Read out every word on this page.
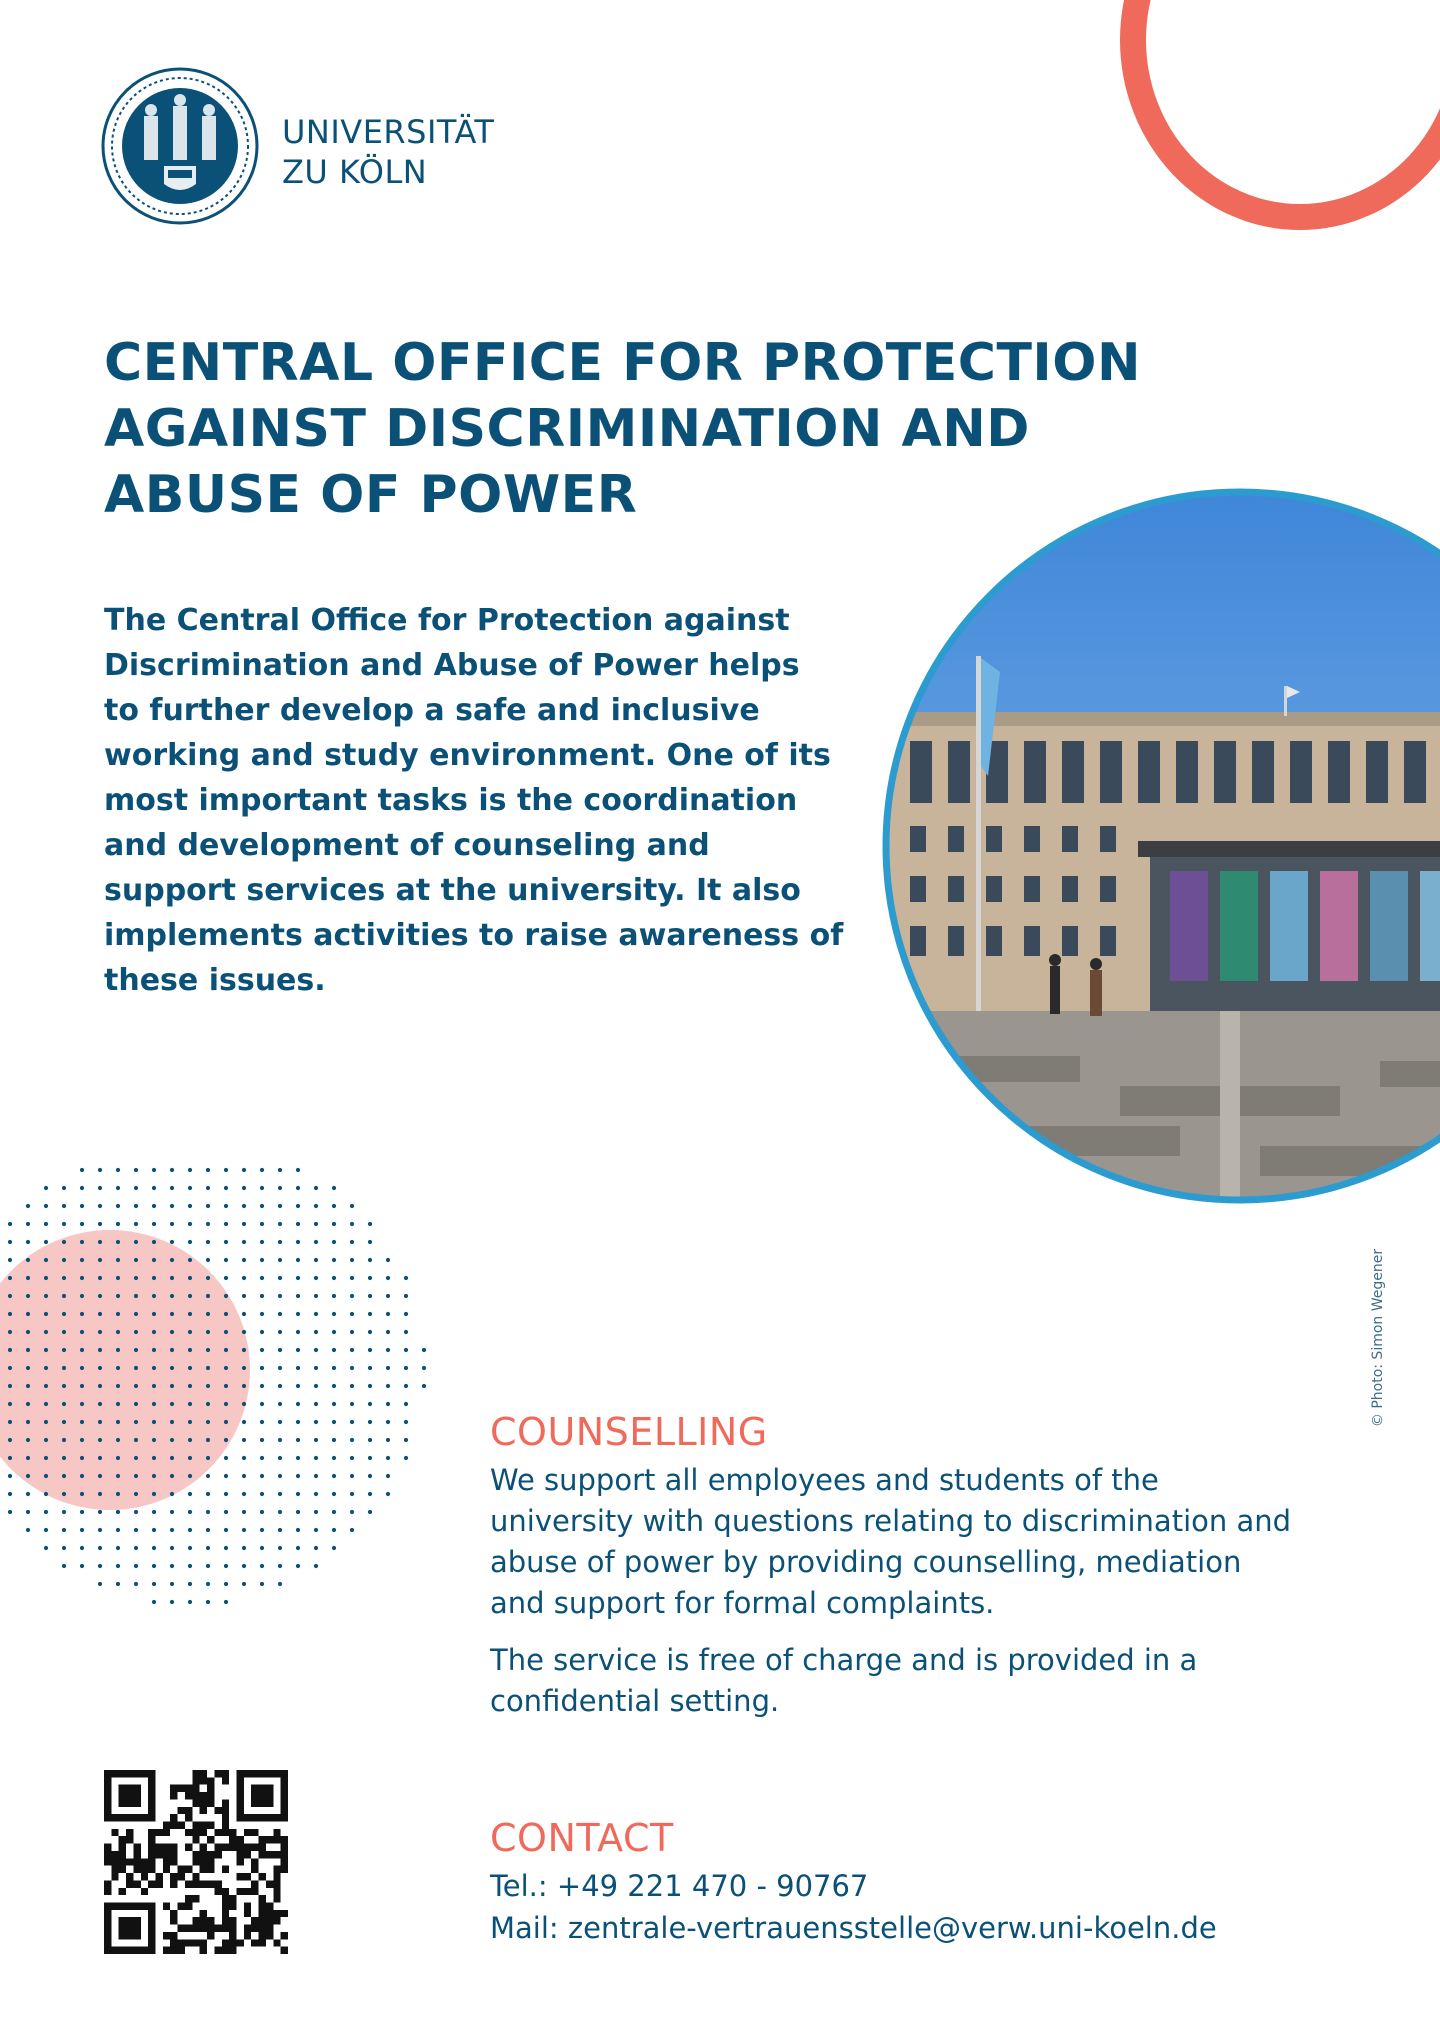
UNIVERSITÄT
ZU KÖLN
CENTRAL OFFICE FOR PROTECTION
AGAINST DISCRIMINATION AND
ABUSE OF POWER
The Central Office for Protection against
Discrimination and Abuse of Power helps
to further develop a safe and inclusive
working and study environment. One of its
most important tasks is the coordination
and development of counseling and
support services at the university. It also
implements activities to raise awareness of
these issues.
© Photo: Simon Wegener
COUNSELLING
We support all employees and students of the
university with questions relating to discrimination and
abuse of power by providing counselling, mediation
and support for formal complaints.
The service is free of charge and is provided in a
confidential setting.
CONTACT
Tel.: +49 221 470 - 90767
Mail: zentrale-vertrauensstelle@verw.uni-koeln.de
